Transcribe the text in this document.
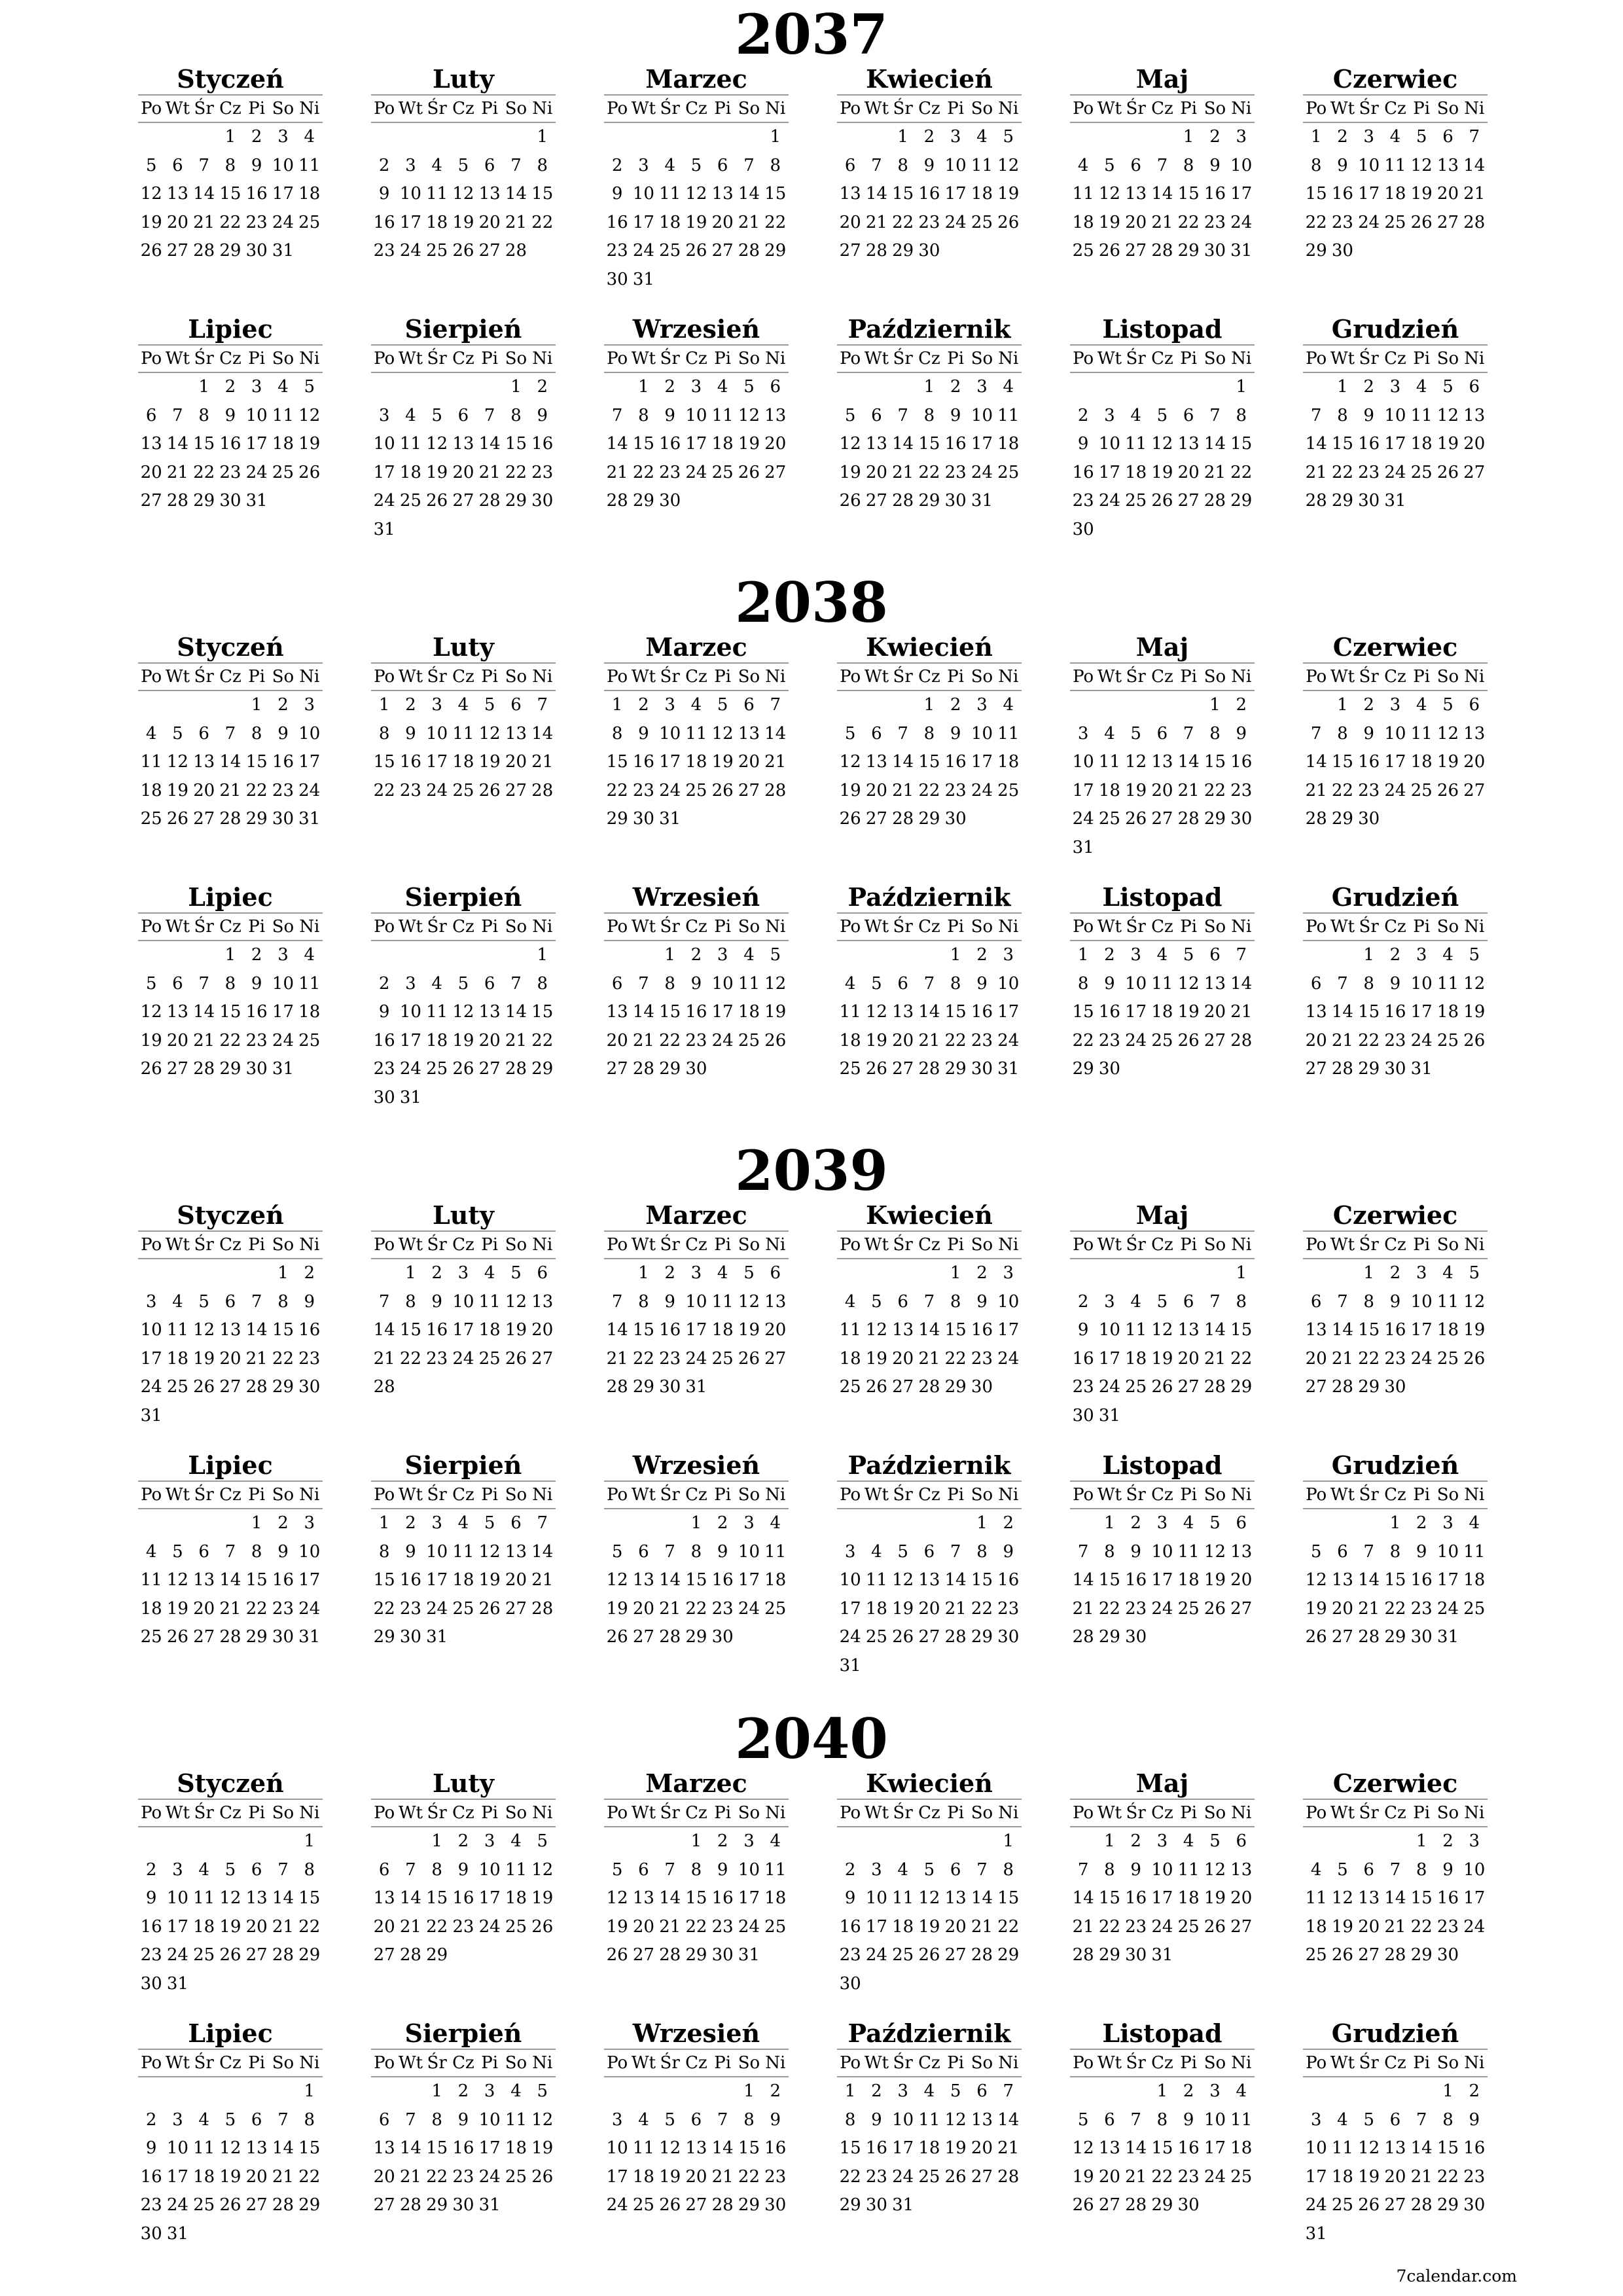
2037
Styczeń
Po Wt Śr Cz Pi So Ni
1 2 3 4
5 6 7 8 9 10 11
12 13 14 15 16 17 18
19 20 21 22 23 24 25
26 27 28 29 30 31
Luty
Po Wt Śr Cz Pi So Ni
1
2 3 4 5 6 7 8
9 10 11 12 13 14 15
16 17 18 19 20 21 22
23 24 25 26 27 28
Marzec
Po Wt Śr Cz Pi So Ni
1
2 3 4 5 6 7 8
9 10 11 12 13 14 15
16 17 18 19 20 21 22
23 24 25 26 27 28 29
30 31
Kwiecień
Po Wt Śr Cz Pi So Ni
1 2 3 4 5
6 7 8 9 10 11 12
13 14 15 16 17 18 19
20 21 22 23 24 25 26
27 28 29 30
Maj
Po Wt Śr Cz Pi So Ni
1 2 3
4 5 6 7 8 9 10
11 12 13 14 15 16 17
18 19 20 21 22 23 24
25 26 27 28 29 30 31
Czerwiec
Po Wt Śr Cz Pi So Ni
1 2 3 4 5 6 7
8 9 10 11 12 13 14
15 16 17 18 19 20 21
22 23 24 25 26 27 28
29 30
Lipiec
Po Wt Śr Cz Pi So Ni
1 2 3 4 5
6 7 8 9 10 11 12
13 14 15 16 17 18 19
20 21 22 23 24 25 26
27 28 29 30 31
Sierpień
Po Wt Śr Cz Pi So Ni
1 2
3 4 5 6 7 8 9
10 11 12 13 14 15 16
17 18 19 20 21 22 23
24 25 26 27 28 29 30
31
Wrzesień
Po Wt Śr Cz Pi So Ni
1 2 3 4 5 6
7 8 9 10 11 12 13
14 15 16 17 18 19 20
21 22 23 24 25 26 27
28 29 30
Październik
Po Wt Śr Cz Pi So Ni
1 2 3 4
5 6 7 8 9 10 11
12 13 14 15 16 17 18
19 20 21 22 23 24 25
26 27 28 29 30 31
Listopad
Po Wt Śr Cz Pi So Ni
1
2 3 4 5 6 7 8
9 10 11 12 13 14 15
16 17 18 19 20 21 22
23 24 25 26 27 28 29
30
Grudzień
Po Wt Śr Cz Pi So Ni
1 2 3 4 5 6
7 8 9 10 11 12 13
14 15 16 17 18 19 20
21 22 23 24 25 26 27
28 29 30 31
2038
Styczeń
Po Wt Śr Cz Pi So Ni
1 2 3
4 5 6 7 8 9 10
11 12 13 14 15 16 17
18 19 20 21 22 23 24
25 26 27 28 29 30 31
Luty
Po Wt Śr Cz Pi So Ni
1 2 3 4 5 6 7
8 9 10 11 12 13 14
15 16 17 18 19 20 21
22 23 24 25 26 27 28
Marzec
Po Wt Śr Cz Pi So Ni
1 2 3 4 5 6 7
8 9 10 11 12 13 14
15 16 17 18 19 20 21
22 23 24 25 26 27 28
29 30 31
Kwiecień
Po Wt Śr Cz Pi So Ni
1 2 3 4
5 6 7 8 9 10 11
12 13 14 15 16 17 18
19 20 21 22 23 24 25
26 27 28 29 30
Maj
Po Wt Śr Cz Pi So Ni
1 2
3 4 5 6 7 8 9
10 11 12 13 14 15 16
17 18 19 20 21 22 23
24 25 26 27 28 29 30
31
Czerwiec
Po Wt Śr Cz Pi So Ni
1 2 3 4 5 6
7 8 9 10 11 12 13
14 15 16 17 18 19 20
21 22 23 24 25 26 27
28 29 30
Lipiec
Po Wt Śr Cz Pi So Ni
1 2 3 4
5 6 7 8 9 10 11
12 13 14 15 16 17 18
19 20 21 22 23 24 25
26 27 28 29 30 31
Sierpień
Po Wt Śr Cz Pi So Ni
1
2 3 4 5 6 7 8
9 10 11 12 13 14 15
16 17 18 19 20 21 22
23 24 25 26 27 28 29
30 31
Wrzesień
Po Wt Śr Cz Pi So Ni
1 2 3 4 5
6 7 8 9 10 11 12
13 14 15 16 17 18 19
20 21 22 23 24 25 26
27 28 29 30
Październik
Po Wt Śr Cz Pi So Ni
1 2 3
4 5 6 7 8 9 10
11 12 13 14 15 16 17
18 19 20 21 22 23 24
25 26 27 28 29 30 31
Listopad
Po Wt Śr Cz Pi So Ni
1 2 3 4 5 6 7
8 9 10 11 12 13 14
15 16 17 18 19 20 21
22 23 24 25 26 27 28
29 30
Grudzień
Po Wt Śr Cz Pi So Ni
1 2 3 4 5
6 7 8 9 10 11 12
13 14 15 16 17 18 19
20 21 22 23 24 25 26
27 28 29 30 31
2039
Styczeń
Po Wt Śr Cz Pi So Ni
1 2
3 4 5 6 7 8 9
10 11 12 13 14 15 16
17 18 19 20 21 22 23
24 25 26 27 28 29 30
31
Luty
Po Wt Śr Cz Pi So Ni
1 2 3 4 5 6
7 8 9 10 11 12 13
14 15 16 17 18 19 20
21 22 23 24 25 26 27
28
Marzec
Po Wt Śr Cz Pi So Ni
1 2 3 4 5 6
7 8 9 10 11 12 13
14 15 16 17 18 19 20
21 22 23 24 25 26 27
28 29 30 31
Kwiecień
Po Wt Śr Cz Pi So Ni
1 2 3
4 5 6 7 8 9 10
11 12 13 14 15 16 17
18 19 20 21 22 23 24
25 26 27 28 29 30
Maj
Po Wt Śr Cz Pi So Ni
1
2 3 4 5 6 7 8
9 10 11 12 13 14 15
16 17 18 19 20 21 22
23 24 25 26 27 28 29
30 31
Czerwiec
Po Wt Śr Cz Pi So Ni
1 2 3 4 5
6 7 8 9 10 11 12
13 14 15 16 17 18 19
20 21 22 23 24 25 26
27 28 29 30
Lipiec
Po Wt Śr Cz Pi So Ni
1 2 3
4 5 6 7 8 9 10
11 12 13 14 15 16 17
18 19 20 21 22 23 24
25 26 27 28 29 30 31
Sierpień
Po Wt Śr Cz Pi So Ni
1 2 3 4 5 6 7
8 9 10 11 12 13 14
15 16 17 18 19 20 21
22 23 24 25 26 27 28
29 30 31
Wrzesień
Po Wt Śr Cz Pi So Ni
1 2 3 4
5 6 7 8 9 10 11
12 13 14 15 16 17 18
19 20 21 22 23 24 25
26 27 28 29 30
Październik
Po Wt Śr Cz Pi So Ni
1 2
3 4 5 6 7 8 9
10 11 12 13 14 15 16
17 18 19 20 21 22 23
24 25 26 27 28 29 30
31
Listopad
Po Wt Śr Cz Pi So Ni
1 2 3 4 5 6
7 8 9 10 11 12 13
14 15 16 17 18 19 20
21 22 23 24 25 26 27
28 29 30
Grudzień
Po Wt Śr Cz Pi So Ni
1 2 3 4
5 6 7 8 9 10 11
12 13 14 15 16 17 18
19 20 21 22 23 24 25
26 27 28 29 30 31
2040
Styczeń
Po Wt Śr Cz Pi So Ni
1
2 3 4 5 6 7 8
9 10 11 12 13 14 15
16 17 18 19 20 21 22
23 24 25 26 27 28 29
30 31
Luty
Po Wt Śr Cz Pi So Ni
1 2 3 4 5
6 7 8 9 10 11 12
13 14 15 16 17 18 19
20 21 22 23 24 25 26
27 28 29
Marzec
Po Wt Śr Cz Pi So Ni
1 2 3 4
5 6 7 8 9 10 11
12 13 14 15 16 17 18
19 20 21 22 23 24 25
26 27 28 29 30 31
Kwiecień
Po Wt Śr Cz Pi So Ni
1
2 3 4 5 6 7 8
9 10 11 12 13 14 15
16 17 18 19 20 21 22
23 24 25 26 27 28 29
30
Maj
Po Wt Śr Cz Pi So Ni
1 2 3 4 5 6
7 8 9 10 11 12 13
14 15 16 17 18 19 20
21 22 23 24 25 26 27
28 29 30 31
Czerwiec
Po Wt Śr Cz Pi So Ni
1 2 3
4 5 6 7 8 9 10
11 12 13 14 15 16 17
18 19 20 21 22 23 24
25 26 27 28 29 30
Lipiec
Po Wt Śr Cz Pi So Ni
1
2 3 4 5 6 7 8
9 10 11 12 13 14 15
16 17 18 19 20 21 22
23 24 25 26 27 28 29
30 31
Sierpień
Po Wt Śr Cz Pi So Ni
1 2 3 4 5
6 7 8 9 10 11 12
13 14 15 16 17 18 19
20 21 22 23 24 25 26
27 28 29 30 31
Wrzesień
Po Wt Śr Cz Pi So Ni
1 2
3 4 5 6 7 8 9
10 11 12 13 14 15 16
17 18 19 20 21 22 23
24 25 26 27 28 29 30
Październik
Po Wt Śr Cz Pi So Ni
1 2 3 4 5 6 7
8 9 10 11 12 13 14
15 16 17 18 19 20 21
22 23 24 25 26 27 28
29 30 31
Listopad
Po Wt Śr Cz Pi So Ni
1 2 3 4
5 6 7 8 9 10 11
12 13 14 15 16 17 18
19 20 21 22 23 24 25
26 27 28 29 30
Grudzień
Po Wt Śr Cz Pi So Ni
1 2
3 4 5 6 7 8 9
10 11 12 13 14 15 16
17 18 19 20 21 22 23
24 25 26 27 28 29 30
31
7calendar.com
